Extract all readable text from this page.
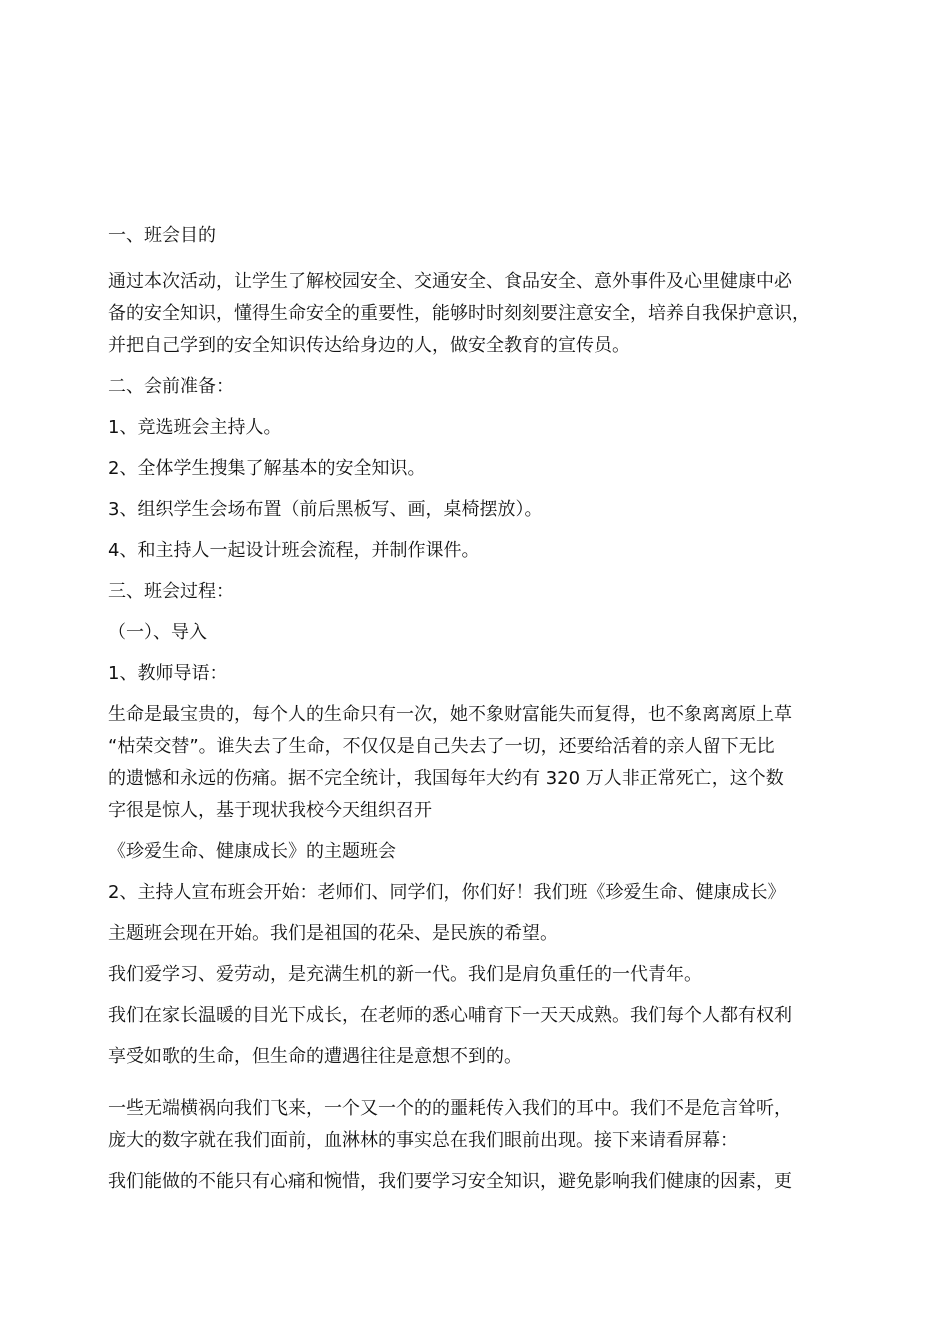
一、班会目的
通过本次活动，让学生了解校园安全、交通安全、食品安全、意外事件及心里健康中必
备的安全知识，懂得生命安全的重要性，能够时时刻刻要注意安全，培养自我保护意识，
并把自己学到的安全知识传达给身边的人，做安全教育的宣传员。
二、会前准备：
1、竞选班会主持人。
2、全体学生搜集了解基本的安全知识。
3、组织学生会场布置（前后黑板写、画，桌椅摆放）。
4、和主持人一起设计班会流程，并制作课件。
三、班会过程：
（一）、导入
1、教师导语：
生命是最宝贵的，每个人的生命只有一次，她不象财富能失而复得，也不象离离原上草
“枯荣交替”。谁失去了生命，不仅仅是自己失去了一切，还要给活着的亲人留下无比
的遗憾和永远的伤痛。据不完全统计，我国每年大约有 320 万人非正常死亡，这个数
字很是惊人，基于现状我校今天组织召开
《珍爱生命、健康成长》的主题班会
2、主持人宣布班会开始：老师们、同学们，你们好！我们班《珍爱生命、健康成长》
主题班会现在开始。我们是祖国的花朵、是民族的希望。
我们爱学习、爱劳动，是充满生机的新一代。我们是肩负重任的一代青年。
我们在家长温暖的目光下成长，在老师的悉心哺育下一天天成熟。我们每个人都有权利
享受如歌的生命，但生命的遭遇往往是意想不到的。
一些无端横祸向我们飞来，一个又一个的的噩耗传入我们的耳中。我们不是危言耸听，
庞大的数字就在我们面前，血淋林的事实总在我们眼前出现。接下来请看屏幕：
我们能做的不能只有心痛和惋惜，我们要学习安全知识，避免影响我们健康的因素，更
